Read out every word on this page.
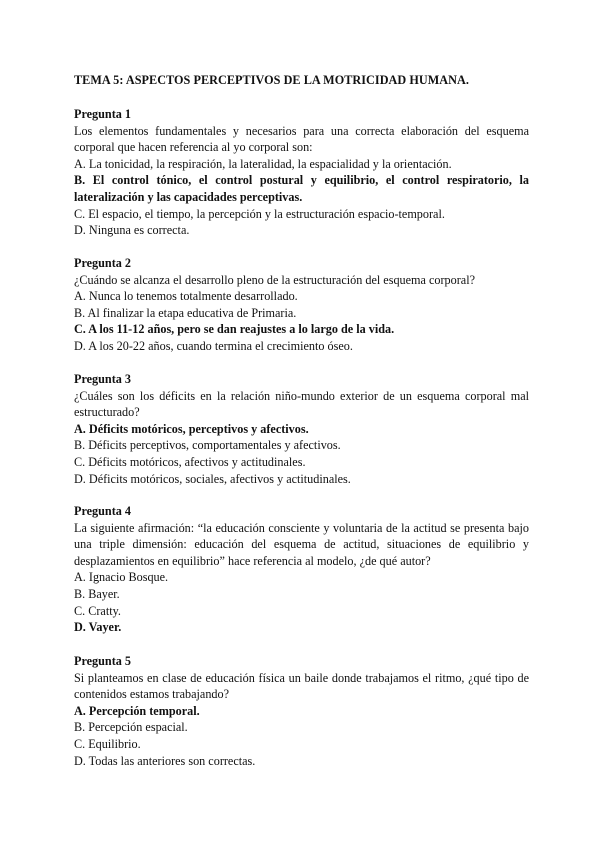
TEMA 5: ASPECTOS PERCEPTIVOS DE LA MOTRICIDAD HUMANA.

Pregunta 1

Los elementos fundamentales y necesarios para una correcta elaboración del esquema corporal que hacen referencia al yo corporal son:

A. La tonicidad, la respiración, la lateralidad, la espacialidad y la orientación.

B. El control tónico, el control postural y equilibrio, el control respiratorio, la lateralización y las capacidades perceptivas.

C. El espacio, el tiempo, la percepción y la estructuración espacio-temporal.

D. Ninguna es correcta.

Pregunta 2

¿Cuándo se alcanza el desarrollo pleno de la estructuración del esquema corporal?

A. Nunca lo tenemos totalmente desarrollado.

B. Al finalizar la etapa educativa de Primaria.

C. A los 11-12 años, pero se dan reajustes a lo largo de la vida.

D. A los 20-22 años, cuando termina el crecimiento óseo.

Pregunta 3

¿Cuáles son los déficits en la relación niño-mundo exterior de un esquema corporal mal estructurado?

A. Déficits motóricos, perceptivos y afectivos.

B. Déficits perceptivos, comportamentales y afectivos.

C. Déficits motóricos, afectivos y actitudinales.

D. Déficits motóricos, sociales, afectivos y actitudinales.

Pregunta 4

La siguiente afirmación: “la educación consciente y voluntaria de la actitud se presenta bajo una triple dimensión: educación del esquema de actitud, situaciones de equilibrio y desplazamientos en equilibrio” hace referencia al modelo, ¿de qué autor?

A. Ignacio Bosque.

B. Bayer.

C. Cratty.

D. Vayer.

Pregunta 5

Si planteamos en clase de educación física un baile donde trabajamos el ritmo, ¿qué tipo de contenidos estamos trabajando?

A. Percepción temporal.

B. Percepción espacial.

C. Equilibrio.

D. Todas las anteriores son correctas.
